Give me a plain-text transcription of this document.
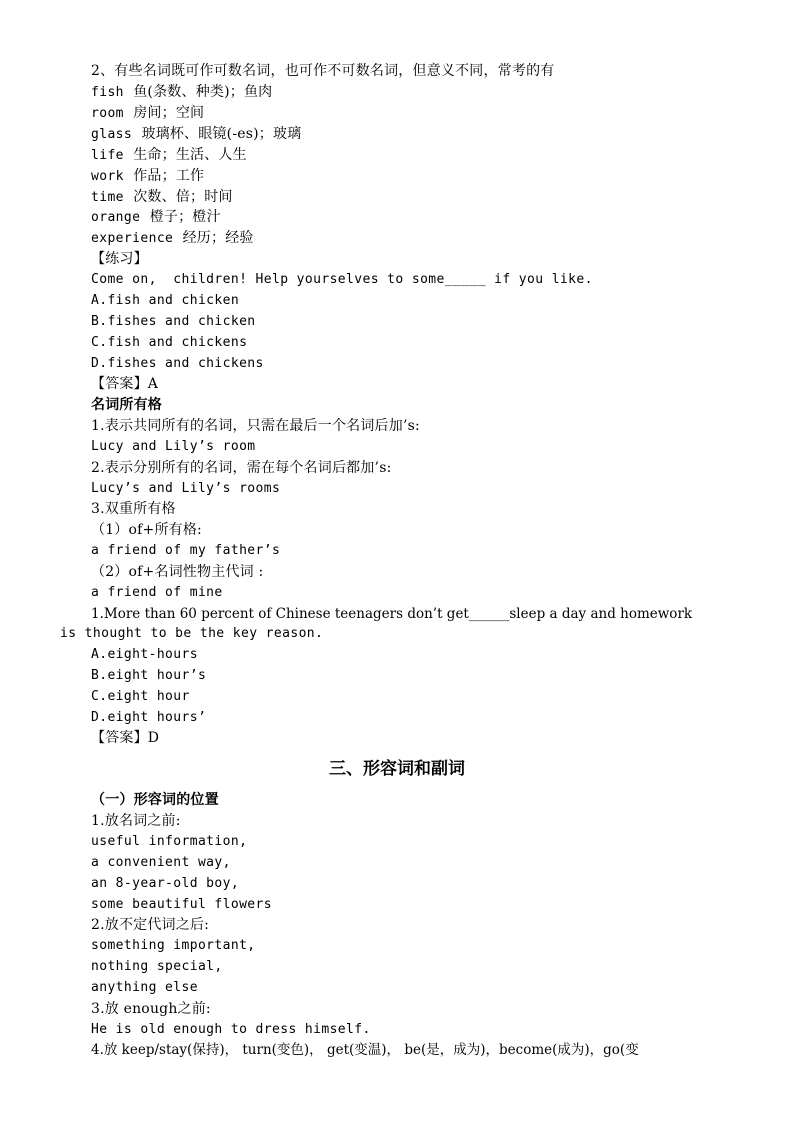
2、有些名词既可作可数名词，也可作不可数名词，但意义不同，常考的有
fish 鱼(条数、种类)；鱼肉
room 房间；空间
glass 玻璃杯、眼镜(-es)；玻璃
life 生命；生活、人生
work 作品；工作
time 次数、倍；时间
orange 橙子；橙汁
experience 经历；经验
【练习】
Come on,  children! Help yourselves to some_____ if you like.
A.fish and chicken
B.fishes and chicken
C.fish and chickens
D.fishes and chickens
【答案】A
名词所有格
1.表示共同所有的名词，只需在最后一个名词后加’s:
Lucy and Lily’s room
2.表示分别所有的名词，需在每个名词后都加’s:
Lucy’s and Lily’s rooms
3.双重所有格
（1）of+所有格:
a friend of my father’s
（2）of+名词性物主代词 :
a friend of mine
1.More than 60 percent of Chinese teenagers don’t get______sleep a day and homework
is thought to be the key reason.
A.eight-hours
B.eight hour’s
C.eight hour
D.eight hours’
【答案】D
三、形容词和副词
（一）形容词的位置
1.放名词之前:
useful information,
a convenient way,
an 8-year-old boy,
some beautiful flowers
2.放不定代词之后:
something important,
nothing special,
anything else
3.放 enough之前:
He is old enough to dress himself.
4.放 keep/stay(保持)， turn(变色)， get(变温)， be(是，成为)，become(成为)，go(变
